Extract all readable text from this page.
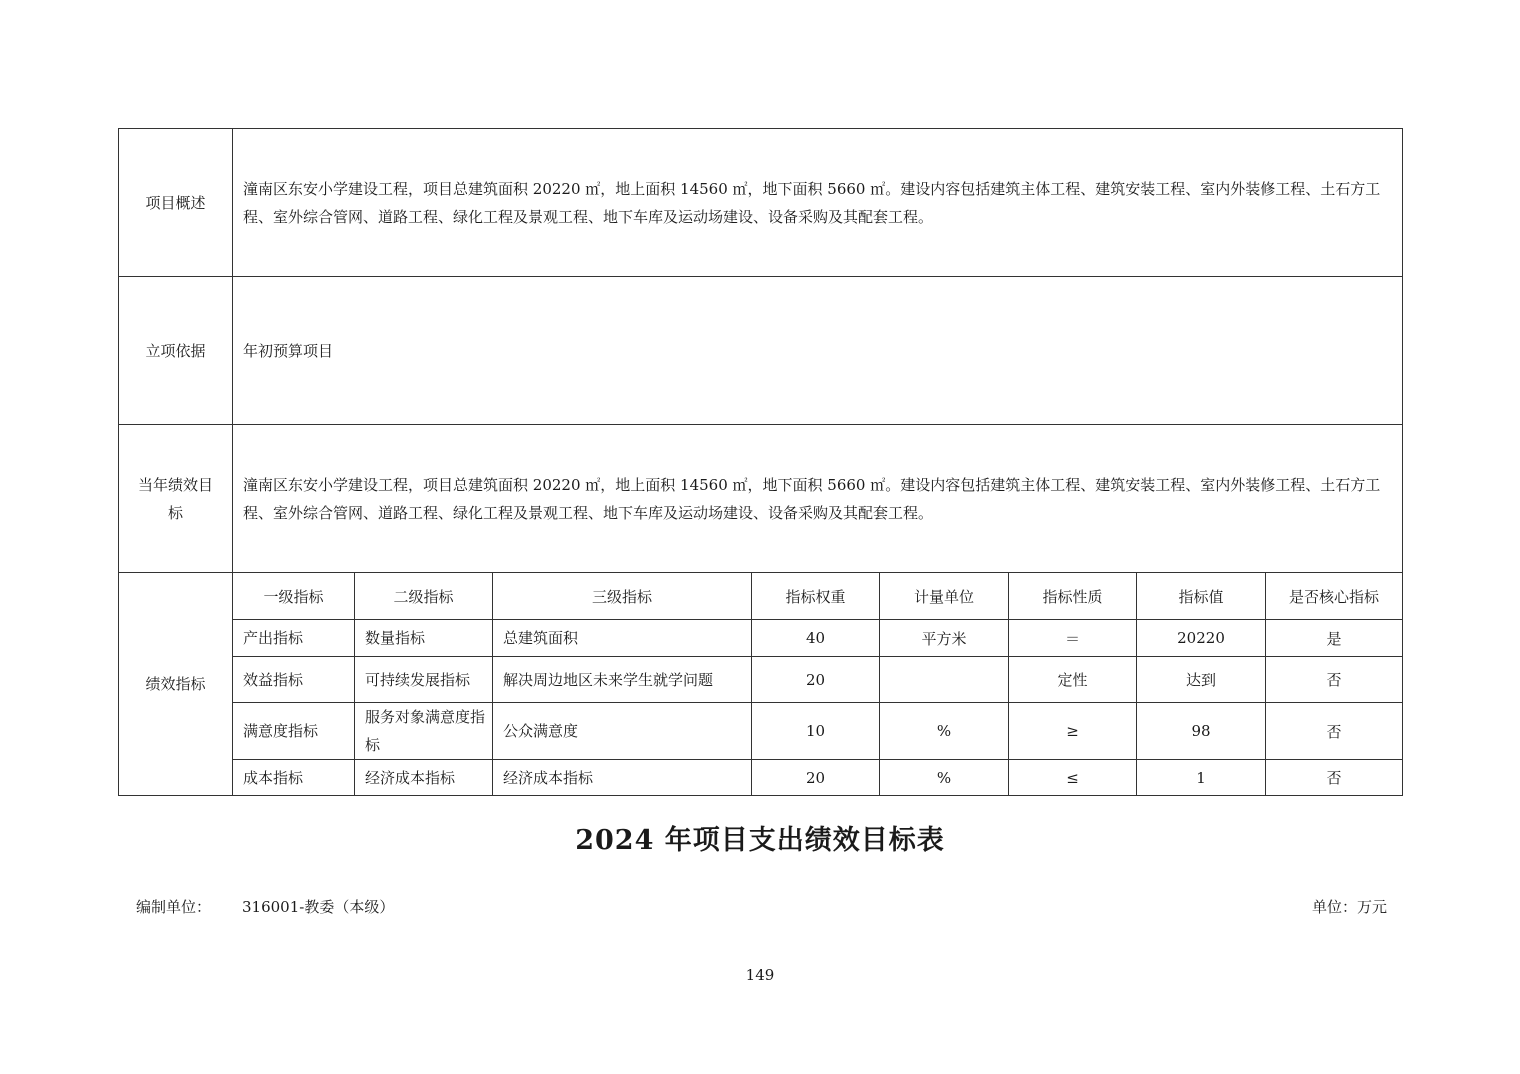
项目概述	潼南区东安小学建设工程，项目总建筑面积 20220 ㎡，地上面积 14560 ㎡，地下面积 5660 ㎡。建设内容包括建筑主体工程、建筑安装工程、室内外装修工程、土石方工程、室外综合管网、道路工程、绿化工程及景观工程、地下车库及运动场建设、设备采购及其配套工程。							
立项依据	年初预算项目							
当年绩效目标	潼南区东安小学建设工程，项目总建筑面积 20220 ㎡，地上面积 14560 ㎡，地下面积 5660 ㎡。建设内容包括建筑主体工程、建筑安装工程、室内外装修工程、土石方工程、室外综合管网、道路工程、绿化工程及景观工程、地下车库及运动场建设、设备采购及其配套工程。							
绩效指标	一级指标	二级指标	三级指标	指标权重	计量单位	指标性质	指标值	是否核心指标
	产出指标	数量指标	总建筑面积	40	平方米	＝	20220	是
	效益指标	可持续发展指标	解决周边地区未来学生就学问题	20		定性	达到	否
	满意度指标	服务对象满意度指标	公众满意度	10	%	≥	98	否
	成本指标	经济成本指标	经济成本指标	20	%	≤	1	否
2024 年项目支出绩效目标表
编制单位： 316001-教委（本级）	单位：万元
149
